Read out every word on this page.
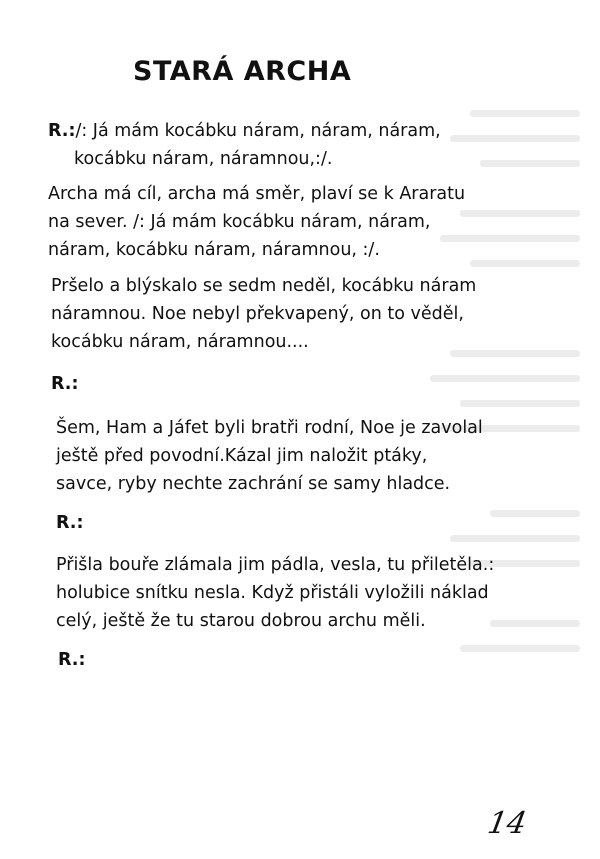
STARÁ ARCHA
R.:/: Já mám kocábku náram, náram, náram,
kocábku náram, náramnou,:/.
Archa má cíl, archa má směr, plaví se k Araratu
na sever. /: Já mám kocábku náram, náram,
náram, kocábku náram, náramnou, :/.
Pršelo a blýskalo se sedm neděl, kocábku náram
náramnou. Noe nebyl překvapený, on to věděl,
kocábku náram, náramnou....
R.:
Šem, Ham a Jáfet byli bratři rodní, Noe je zavolal
ještě před povodní.Kázal jim naložit ptáky,
savce, ryby nechte zachrání se samy hladce.
R.:
Přišla bouře zlámala jim pádla, vesla, tu přiletěla.:
holubice snítku nesla. Když přistáli vyložili náklad
celý, ještě že tu starou dobrou archu měli.
R.:
14
